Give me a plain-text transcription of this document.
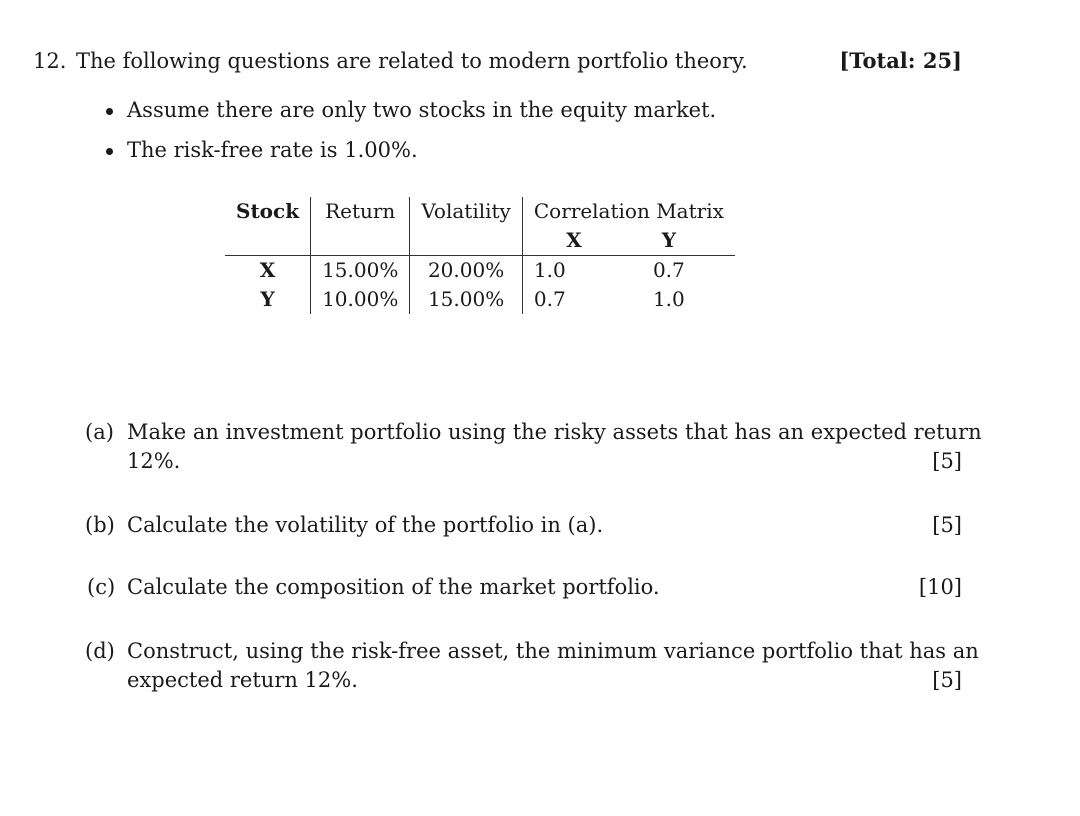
12. The following questions are related to modern portfolio theory.	[Total: 25]
Assume there are only two stocks in the equity market.
The risk-free rate is 1.00%.
Stock	Return	Volatility	Correlation Matrix	
			X	Y
X	15.00%	20.00%	1.0	0.7
Y	10.00%	15.00%	0.7	1.0
(a) Make an investment portfolio using the risky assets that has an expected return
12%.	[5]
(b) Calculate the volatility of the portfolio in (a).	[5]
(c) Calculate the composition of the market portfolio.	[10]
(d) Construct, using the risk-free asset, the minimum variance portfolio that has an
expected return 12%.	[5]
